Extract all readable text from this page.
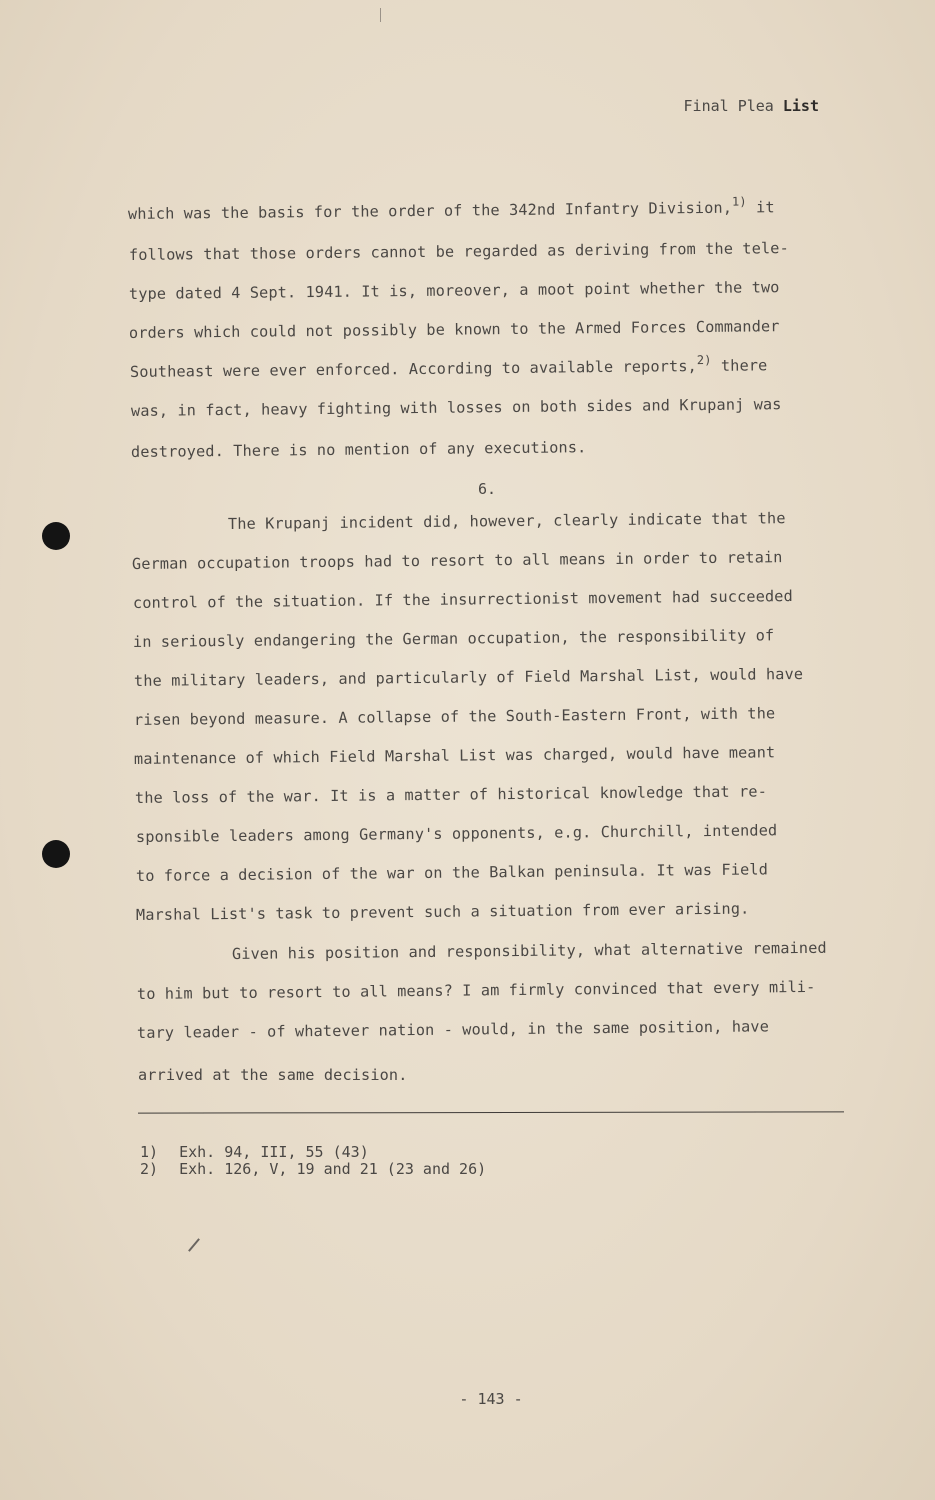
Final Plea List
which was the basis for the order of the 342nd Infantry Division,$^{1)}$ it
follows that those orders cannot be regarded as deriving from the tele-
type dated 4 Sept. 1941. It is, moreover, a moot point whether the two
orders which could not possibly be known to the Armed Forces Commander
Southeast were ever enforced. According to available reports,$^{2)}$ there
was, in fact, heavy fighting with losses on both sides and Krupanj was
destroyed. There is no mention of any executions.
6.
The Krupanj incident did, however, clearly indicate that the
German occupation troops had to resort to all means in order to retain
control of the situation. If the insurrectionist movement had succeeded
in seriously endangering the German occupation, the responsibility of
the military leaders, and particularly of Field Marshal List, would have
risen beyond measure. A collapse of the South-Eastern Front, with the
maintenance of which Field Marshal List was charged, would have meant
the loss of the war. It is a matter of historical knowledge that re-
sponsible leaders among Germany's opponents, e.g. Churchill, intended
to force a decision of the war on the Balkan peninsula. It was Field
Marshal List's task to prevent such a situation from ever arising.
Given his position and responsibility, what alternative remained
to him but to resort to all means? I am firmly convinced that every mili-
tary leader - of whatever nation - would, in the same position, have
arrived at the same decision.
1) Exh. 94, III, 55 (43)
2) Exh. 126, V, 19 and 21 (23 and 26)
- 143 -
